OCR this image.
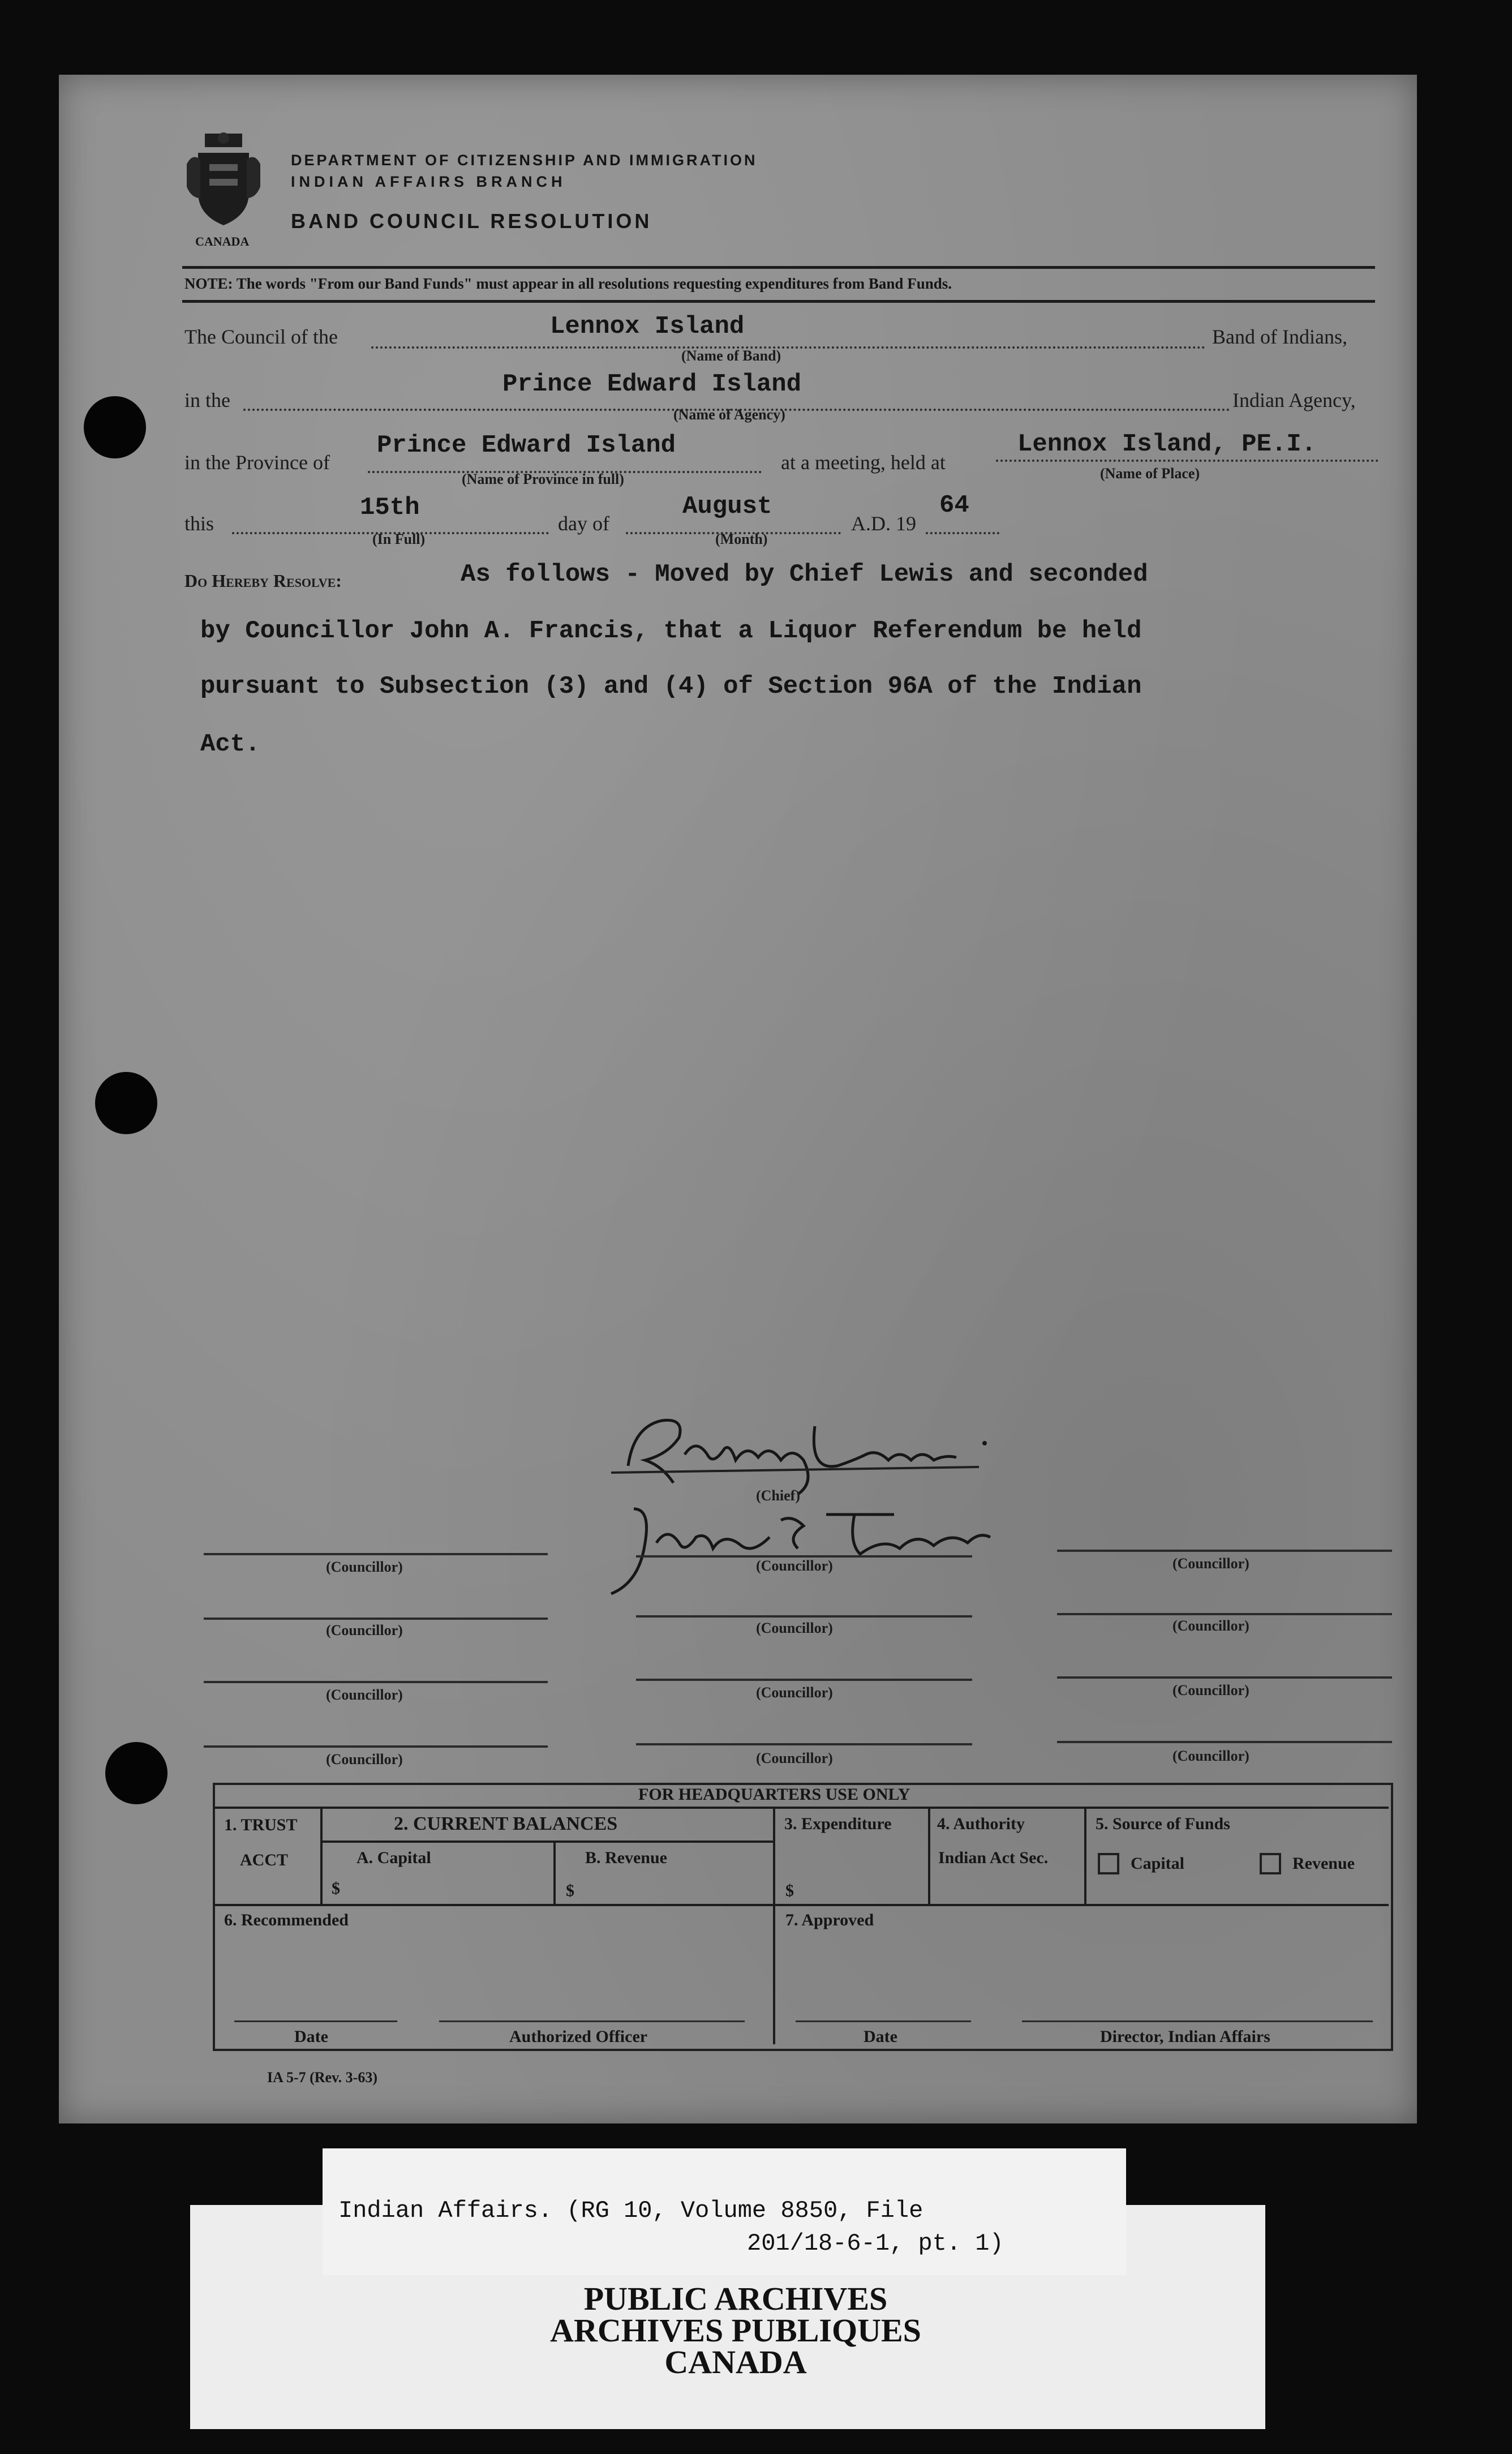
CANADA
DEPARTMENT OF CITIZENSHIP AND IMMIGRATION
INDIAN AFFAIRS BRANCH
BAND COUNCIL RESOLUTION
NOTE: The words "From our Band Funds" must appear in all resolutions requesting expenditures from Band Funds.
The Council of the	Lennox Island
(Name of Band)
Band of Indians,
in the
Prince Edward Island
(Name of Agency)
Indian Agency,
in the Province of
Prince Edward Island
(Name of Province in full)
at a meeting, held at
Lennox Island, PE.I.
(Name of Place)
this
15th
(In Full)
day of
August
(Month)
A.D. 19
64
Do Hereby Resolve:	As follows - Moved by Chief Lewis and seconded
by Councillor John A. Francis, that a Liquor Referendum be held
pursuant to Subsection (3) and (4) of Section 96A of the Indian
Act.
(Chief)
(Councillor)	(Councillor)	(Councillor)
(Councillor)	(Councillor)	(Councillor)
(Councillor)	(Councillor)	(Councillor)
(Councillor)	(Councillor)	(Councillor)
FOR HEADQUARTERS USE ONLY
1. TRUST
ACCT
2. CURRENT BALANCES
A. Capital
$
B. Revenue
$
3. Expenditure
$
4. Authority
Indian Act Sec.
5. Source of Funds
Capital	Revenue
6. Recommended	7. Approved
Date	Authorized Officer	Date	Director, Indian Affairs
IA 5-7 (Rev. 3-63)
Indian Affairs. (RG 10, Volume 8850, File
201/18-6-1, pt. 1)
PUBLIC ARCHIVES
ARCHIVES PUBLIQUES
CANADA
